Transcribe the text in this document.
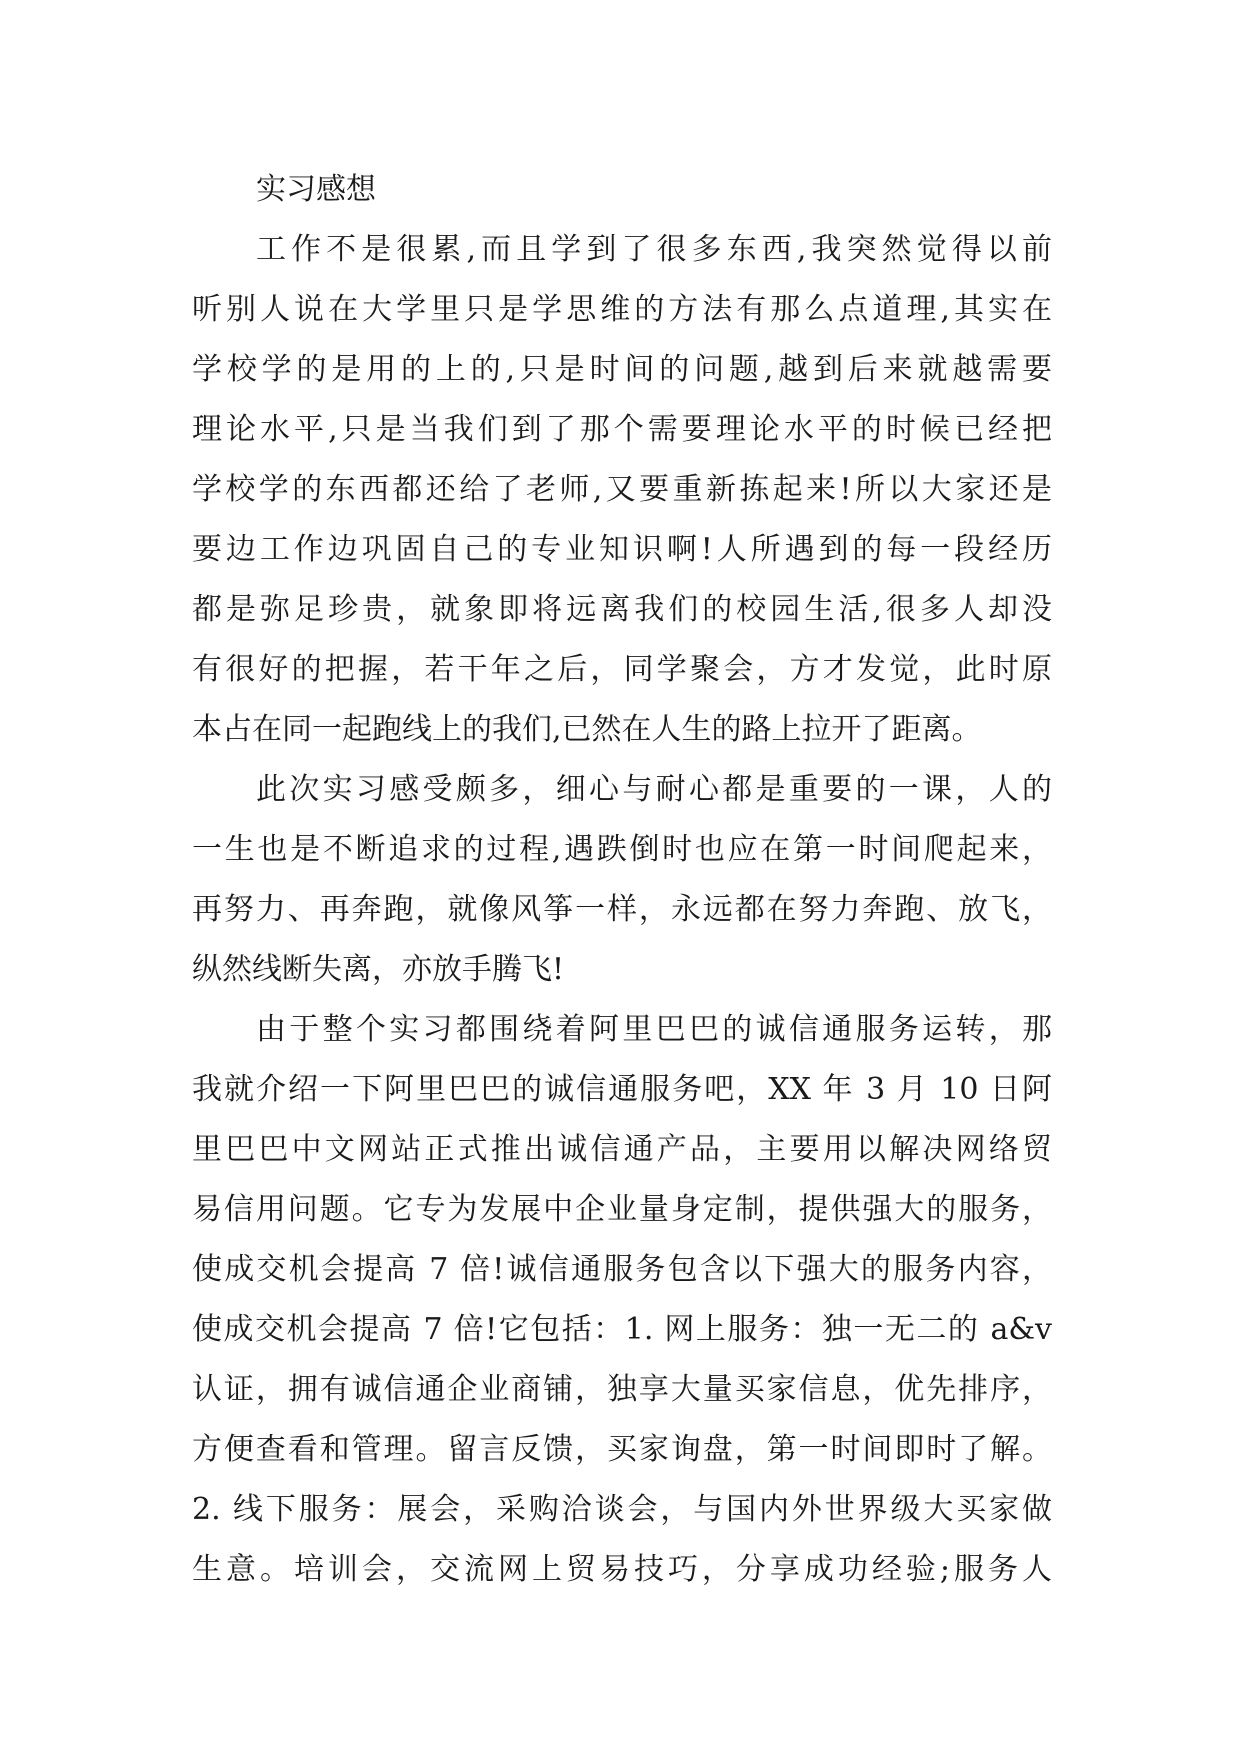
实习感想
工作不是很累,而且学到了很多东西,我突然觉得以前
听别人说在大学里只是学思维的方法有那么点道理,其实在
学校学的是用的上的,只是时间的问题,越到后来就越需要
理论水平,只是当我们到了那个需要理论水平的时候已经把
学校学的东西都还给了老师,又要重新拣起来!所以大家还是
要边工作边巩固自己的专业知识啊!人所遇到的每一段经历
都是弥足珍贵，就象即将远离我们的校园生活,很多人却没
有很好的把握，若干年之后，同学聚会，方才发觉，此时原
本占在同一起跑线上的我们,已然在人生的路上拉开了距离。
此次实习感受颇多，细心与耐心都是重要的一课，人的
一生也是不断追求的过程,遇跌倒时也应在第一时间爬起来，
再努力、再奔跑，就像风筝一样，永远都在努力奔跑、放飞，
纵然线断失离，亦放手腾飞!
由于整个实习都围绕着阿里巴巴的诚信通服务运转，那
我就介绍一下阿里巴巴的诚信通服务吧，XX 年 3 月 10 日阿
里巴巴中文网站正式推出诚信通产品，主要用以解决网络贸
易信用问题。它专为发展中企业量身定制，提供强大的服务，
使成交机会提高 7 倍!诚信通服务包含以下强大的服务内容，
使成交机会提高 7 倍!它包括：1. 网上服务：独一无二的 a&v
认证，拥有诚信通企业商铺，独享大量买家信息，优先排序，
方便查看和管理。留言反馈，买家询盘，第一时间即时了解。
2. 线下服务：展会，采购洽谈会，与国内外世界级大买家做
生意。培训会，交流网上贸易技巧，分享成功经验;服务人
